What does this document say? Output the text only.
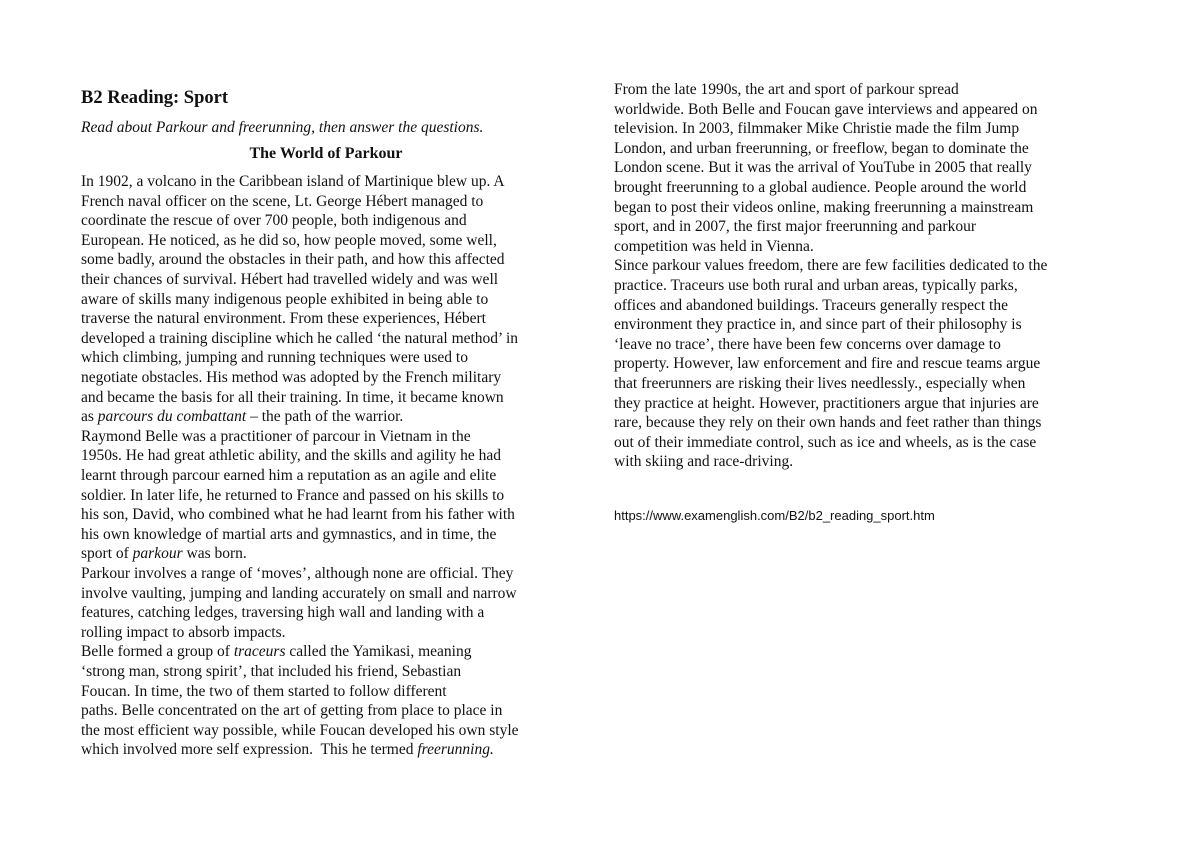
B2 Reading: Sport
Read about Parkour and freerunning, then answer the questions.
The World of Parkour
In 1902, a volcano in the Caribbean island of Martinique blew up. A
French naval officer on the scene, Lt. George Hébert managed to
coordinate the rescue of over 700 people, both indigenous and
European. He noticed, as he did so, how people moved, some well,
some badly, around the obstacles in their path, and how this affected
their chances of survival. Hébert had travelled widely and was well
aware of skills many indigenous people exhibited in being able to
traverse the natural environment. From these experiences, Hébert
developed a training discipline which he called ‘the natural method’ in
which climbing, jumping and running techniques were used to
negotiate obstacles. His method was adopted by the French military
and became the basis for all their training. In time, it became known
as parcours du combattant – the path of the warrior.
Raymond Belle was a practitioner of parcour in Vietnam in the
1950s. He had great athletic ability, and the skills and agility he had
learnt through parcour earned him a reputation as an agile and elite
soldier. In later life, he returned to France and passed on his skills to
his son, David, who combined what he had learnt from his father with
his own knowledge of martial arts and gymnastics, and in time, the
sport of parkour was born.
Parkour involves a range of ‘moves’, although none are official. They
involve vaulting, jumping and landing accurately on small and narrow
features, catching ledges, traversing high wall and landing with a
rolling impact to absorb impacts.
Belle formed a group of traceurs called the Yamikasi, meaning
‘strong man, strong spirit’, that included his friend, Sebastian
Foucan. In time, the two of them started to follow different
paths. Belle concentrated on the art of getting from place to place in
the most efficient way possible, while Foucan developed his own style
which involved more self expression.  This he termed freerunning.
From the late 1990s, the art and sport of parkour spread
worldwide. Both Belle and Foucan gave interviews and appeared on
television. In 2003, filmmaker Mike Christie made the film Jump
London, and urban freerunning, or freeflow, began to dominate the
London scene. But it was the arrival of YouTube in 2005 that really
brought freerunning to a global audience. People around the world
began to post their videos online, making freerunning a mainstream
sport, and in 2007, the first major freerunning and parkour
competition was held in Vienna.
Since parkour values freedom, there are few facilities dedicated to the
practice. Traceurs use both rural and urban areas, typically parks,
offices and abandoned buildings. Traceurs generally respect the
environment they practice in, and since part of their philosophy is
‘leave no trace’, there have been few concerns over damage to
property. However, law enforcement and fire and rescue teams argue
that freerunners are risking their lives needlessly., especially when
they practice at height. However, practitioners argue that injuries are
rare, because they rely on their own hands and feet rather than things
out of their immediate control, such as ice and wheels, as is the case
with skiing and race-driving.
https://www.examenglish.com/B2/b2_reading_sport.htm
